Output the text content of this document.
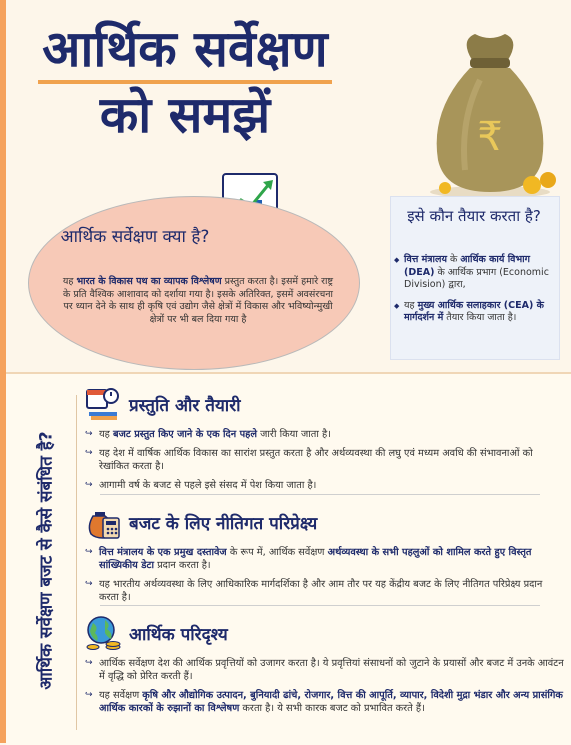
आर्थिक सर्वेक्षण
को समझें	₹
आर्थिक सर्वेक्षण क्या है?
यह भारत के विकास पथ का व्यापक विश्लेषण प्रस्तुत करता है। इसमें हमारे राष्ट्र के प्रति वैश्विक आशावाद को दर्शाया गया है। इसके अतिरिक्त, इसमें अवसंरचना पर ध्यान देने के साथ ही कृषि एवं उद्योग जैसे क्षेत्रों में विकास और भविष्योन्मुखी क्षेत्रों पर भी बल दिया गया है
इसे कौन तैयार करता है?
◆ वित्त मंत्रालय के आर्थिक कार्य विभाग (DEA) के आर्थिक प्रभाग (Economic Division) द्वारा,
◆ यह मुख्य आर्थिक सलाहकार (CEA) के मार्गदर्शन में तैयार किया जाता है।
आर्थिक सर्वेक्षण बजट से कैसे संबंधित है?
प्रस्तुति और तैयारी
↪ यह बजट प्रस्तुत किए जाने के एक दिन पहले जारी किया जाता है।
↪ यह देश में वार्षिक आर्थिक विकास का सारांश प्रस्तुत करता है और अर्थव्यवस्था की लघु एवं मध्यम अवधि की संभावनाओं को रेखांकित करता है।
↪ आगामी वर्ष के बजट से पहले इसे संसद में पेश किया जाता है।
बजट के लिए नीतिगत परिप्रेक्ष्य
↪ वित्त मंत्रालय के एक प्रमुख दस्तावेज के रूप में, आर्थिक सर्वेक्षण अर्थव्यवस्था के सभी पहलुओं को शामिल करते हुए विस्तृत सांख्यिकीय डेटा प्रदान करता है।
↪ यह भारतीय अर्थव्यवस्था के लिए आधिकारिक मार्गदर्शिका है और आम तौर पर यह केंद्रीय बजट के लिए नीतिगत परिप्रेक्ष्य प्रदान करता है।
आर्थिक परिदृश्य
↪ आर्थिक सर्वेक्षण देश की आर्थिक प्रवृत्तियों को उजागर करता है। ये प्रवृत्तियां संसाधनों को जुटाने के प्रयासों और बजट में उनके आवंटन में वृद्धि को प्रेरित करती हैं।
↪ यह सर्वेक्षण कृषि और औद्योगिक उत्पादन, बुनियादी ढांचे, रोजगार, वित्त की आपूर्ति, व्यापार, विदेशी मुद्रा भंडार और अन्य प्रासंगिक आर्थिक कारकों के रुझानों का विश्लेषण करता है। ये सभी कारक बजट को प्रभावित करते हैं।
